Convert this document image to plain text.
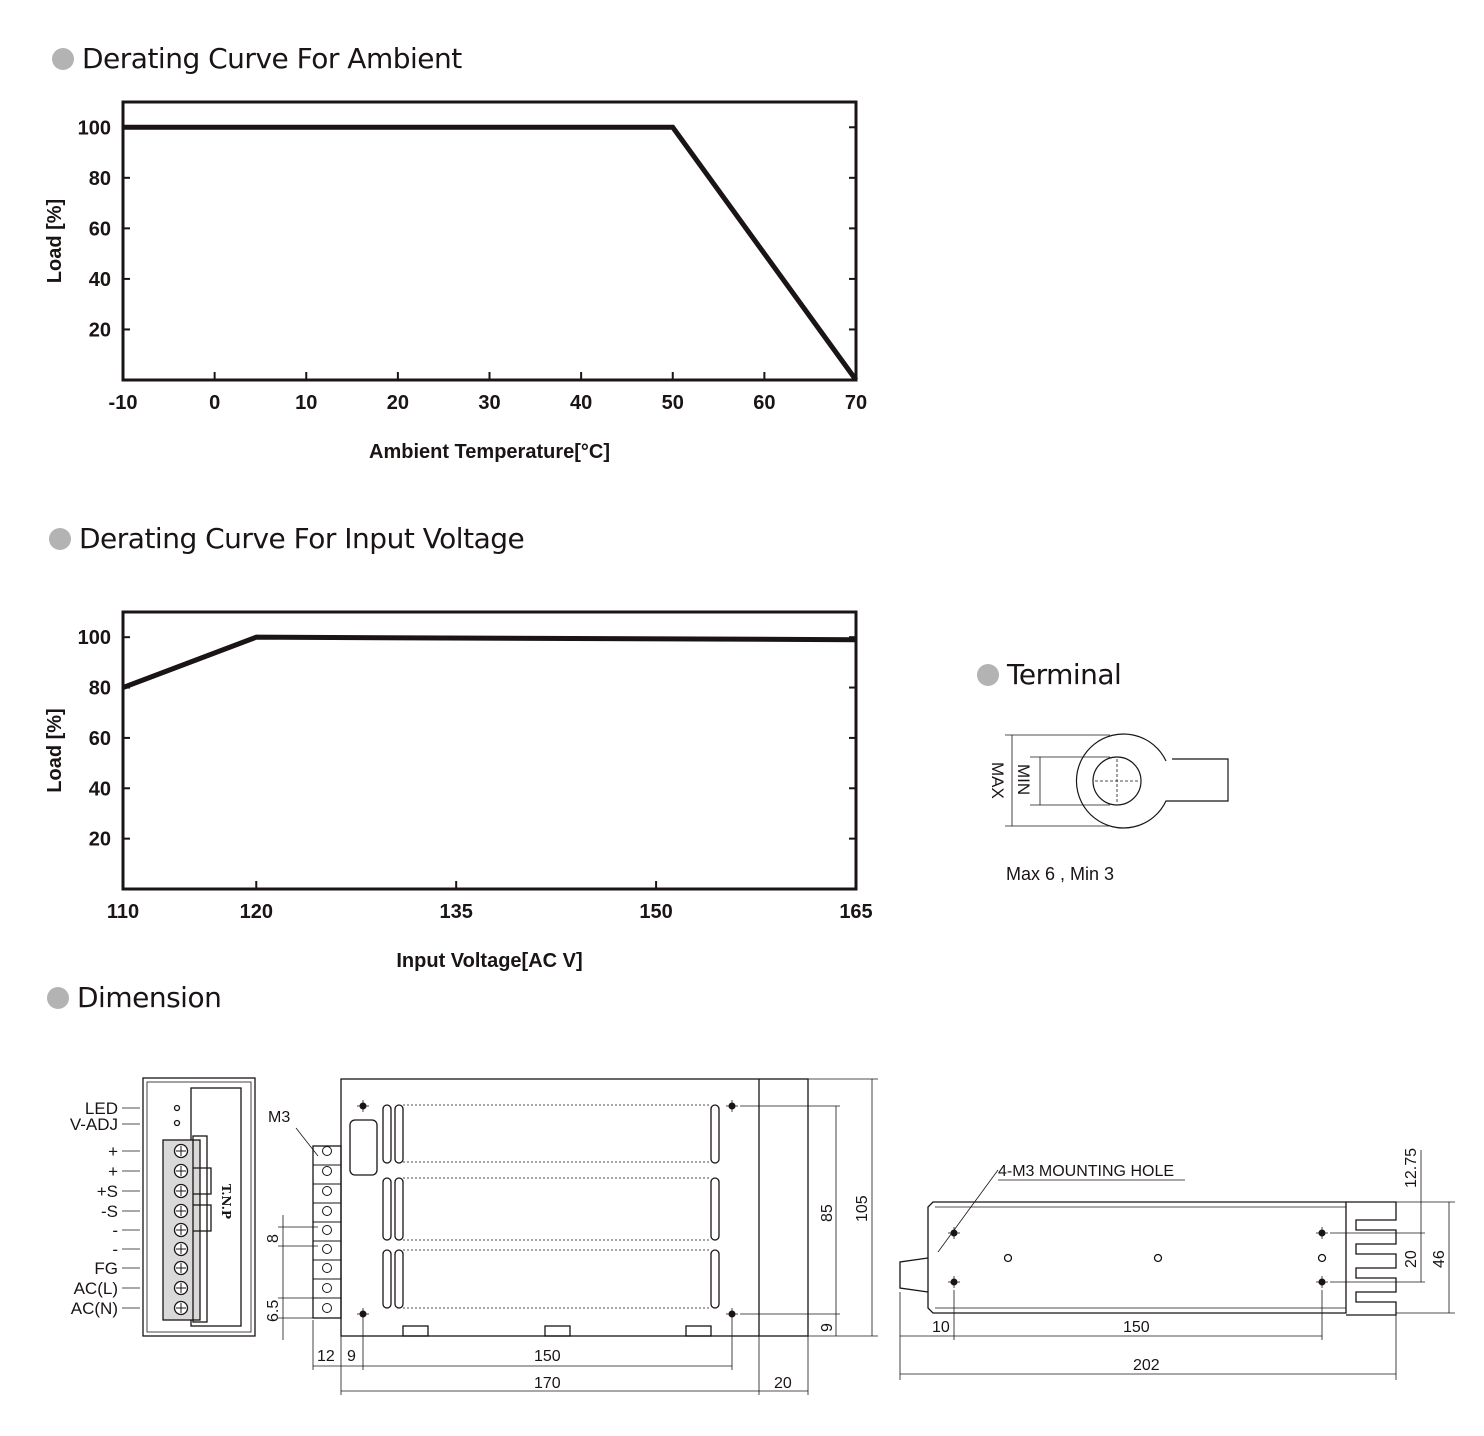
Derating Curve For Ambient
Derating Curve For Input Voltage
Terminal
Dimension
20
40
60
80
100
-10	0	10	20	30	40	50	60	70
Ambient Temperature[°C]
Load [%]
20
40
60
80
100
110	120	135	150	165
Input Voltage[AC V]
Load [%]	MAX MIN
Max 6 , Min 3
LED
V-ADJ
+
+
+S
-S
-
-
FG
AC(L)
AC(N)
T.N.P
M3
4-M3 MOUNTING HOLE
8
6.5
12 9	150
170	20
85 105
9
12.75
20 46
10	150
202
